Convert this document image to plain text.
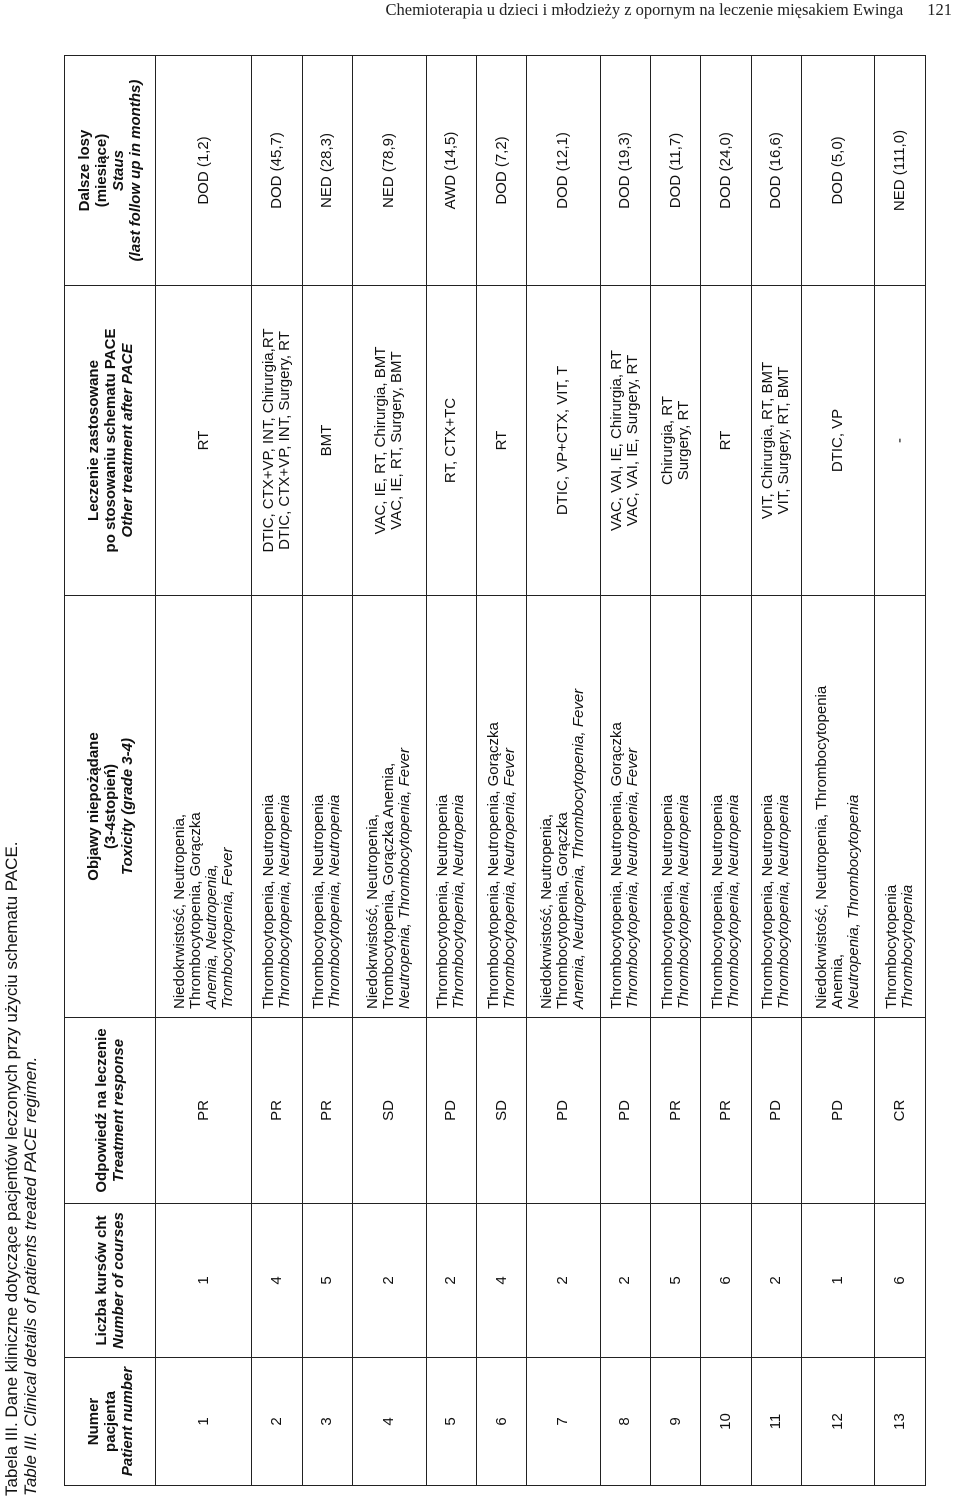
Chemioterapia u dzieci i młodzieży z opornym na leczenie mięsakiem Ewinga 121
Tabela III. Dane kliniczne dotyczące pacjentów leczonych przy użyciu schematu PACE. Table III. Clinical details of patients treated PACE regimen.	Numer pacjenta Patient number	Liczba kursów cht Number of courses	Odpowiedź na leczenie Treatment response	Objawy niepożądane (3-4stopień) Toxicity (grade 3-4)	Leczenie zastosowane po stosowaniu schematu PACE Other treatment after PACE	Dalsze losy (miesiące) Staus (last follow up in months)

1	1	PR	Niedokrwistość, Neutropenia, Thrombocytopenia, Gorączka Anemia, Neutropenia, Trombocytopenia, Fever	RT	DOD (1,2)
2	4	PR	Thrombocytopenia, Neutropenia Thrombocytopenia, Neutropenia	DTIC, CTX+VP, INT, Chirurgia,RT DTIC, CTX+VP, INT, Surgery, RT	DOD (45,7)
3	5	PR	Thrombocytopenia, Neutropenia Thrombocytopenia, Neutropenia	BMT	NED (28,3)
4	2	SD	Niedokrwistość, Neutropenia, Trombocytopenia, Gorączka Anemia, Neutropenia, Thrombocytopenia, Fever	VAC, IE, RT, Chirurgia, BMT VAC, IE, RT, Surgery, BMT	NED (78,9)
5	2	PD	Thrombocytopenia, Neutropenia Thrombocytopenia, Neutropenia	RT, CTX+TC	AWD (14,5)
6	4	SD	Thrombocytopenia, Neutropenia, Gorączka Thrombocytopenia, Neutropenia, Fever	RT	DOD (7,2)
7	2	PD	Niedokrwistość, Neutropenia, Thrombocytopenia, Gorączka Anemia, Neutropenia, Thrombocytopenia, Fever	DTIC, VP+CTX, VIT, T	DOD (12,1)
8	2	PD	Thrombocytopenia, Neutropenia, Gorączka Thrombocytopenia, Neutropenia, Fever	VAC, VAI, IE, Chirurgia, RT VAC, VAI, IE, Surgery, RT	DOD (19,3)
9	5	PR	Thrombocytopenia, Neutropenia Thrombocytopenia, Neutropenia	Chirurgia, RT Surgery, RT	DOD (11,7)
10	6	PR	Thrombocytopenia, Neutropenia Thrombocytopenia, Neutropenia	RT	DOD (24,0)
11	2	PD	Thrombocytopenia, Neutropenia Thrombocytopenia, Neutropenia	VIT, Chirurgia, RT, BMT VIT, Surgery, RT, BMT	DOD (16,6)
12	1	PD	Niedokrwistość, Neutropenia, Thrombocytopenia Anemia, Neutropenia, Thrombocytopenia	DTIC, VP	DOD (5,0)
13	6	CR	Thrombocytopenia Thrombocytopenia	-	NED (111,0)
